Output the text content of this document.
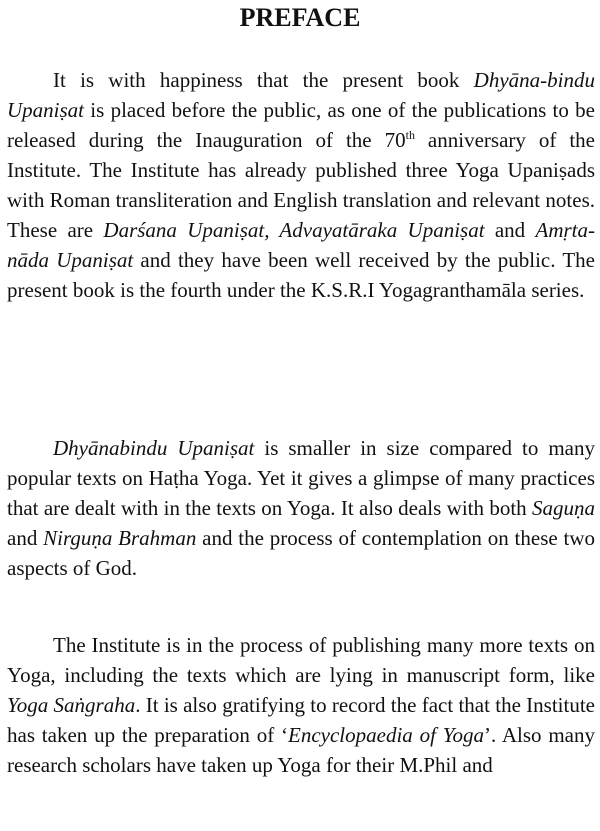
PREFACE

It is with happiness that the present book Dhyāna-bindu Upaniṣat is placed before the public, as one of the publications to be released during the Inauguration of the 70th anniversary of the Institute. The Institute has already published three Yoga Upaniṣads with Roman transliteration and English translation and relevant notes. These are Darśana Upaniṣat, Advayatāraka Upaniṣat and Amṛta-nāda Upaniṣat and they have been well received by the public. The present book is the fourth under the K.S.R.I Yogagranthamāla series.

Dhyānabindu Upaniṣat is smaller in size compared to many popular texts on Haṭha Yoga. Yet it gives a glimpse of many practices that are dealt with in the texts on Yoga. It also deals with both Saguṇa and Nirguṇa Brahman and the process of contemplation on these two aspects of God.

The Institute is in the process of publishing many more texts on Yoga, including the texts which are lying in manuscript form, like Yoga Saṅgraha. It is also gratifying to record the fact that the Institute has taken up the preparation of ‘Encyclopaedia of Yoga’. Also many research scholars have taken up Yoga for their M.Phil and
